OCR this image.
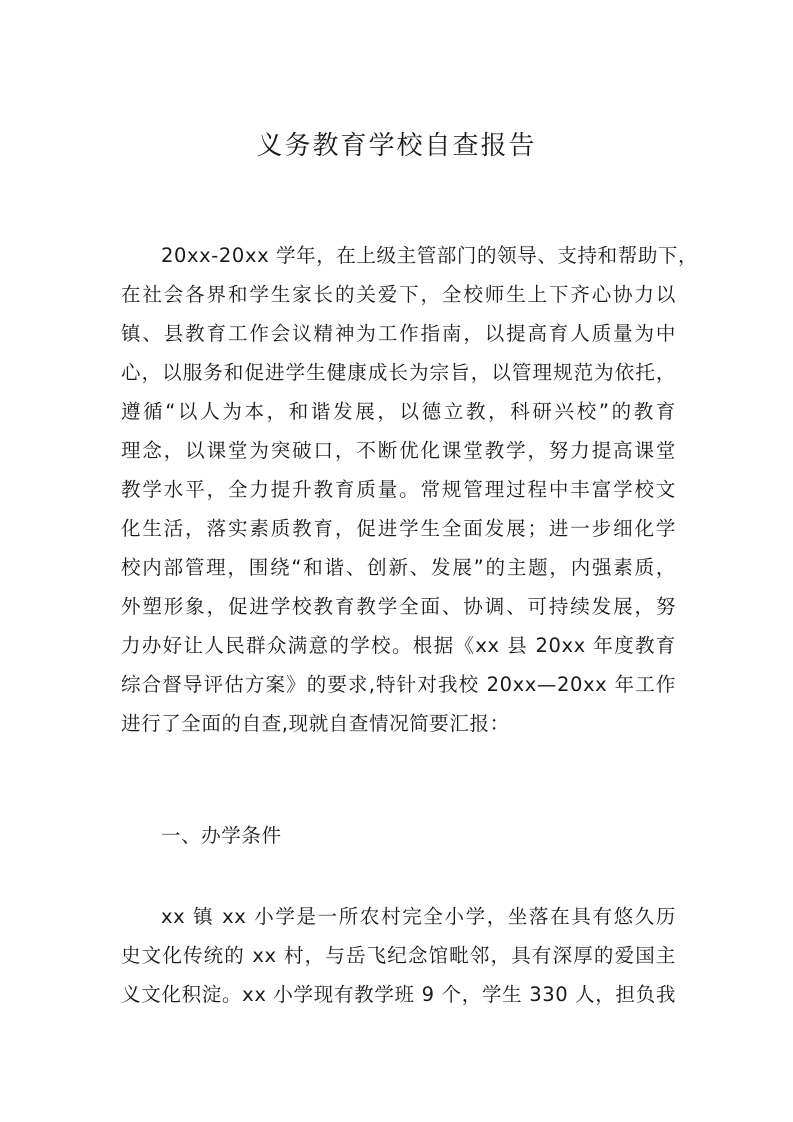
义务教育学校自查报告
20xx-20xx 学年，在上级主管部门的领导、支持和帮助下，
在社会各界和学生家长的关爱下，全校师生上下齐心协力以
镇、县教育工作会议精神为工作指南，以提高育人质量为中
心，以服务和促进学生健康成长为宗旨，以管理规范为依托，
遵循“以人为本，和谐发展，以德立教，科研兴校”的教育
理念，以课堂为突破口，不断优化课堂教学，努力提高课堂
教学水平，全力提升教育质量。常规管理过程中丰富学校文
化生活，落实素质教育，促进学生全面发展；进一步细化学
校内部管理，围绕“和谐、创新、发展”的主题，内强素质，
外塑形象，促进学校教育教学全面、协调、可持续发展，努
力办好让人民群众满意的学校。根据《xx 县 20xx 年度教育
综合督导评估方案》的要求,特针对我校 20xx—20xx 年工作
进行了全面的自查,现就自查情况简要汇报：
一、办学条件
xx 镇 xx 小学是一所农村完全小学，坐落在具有悠久历
史文化传统的 xx 村，与岳飞纪念馆毗邻，具有深厚的爱国主
义文化积淀。xx 小学现有教学班 9 个，学生 330 人，担负我
